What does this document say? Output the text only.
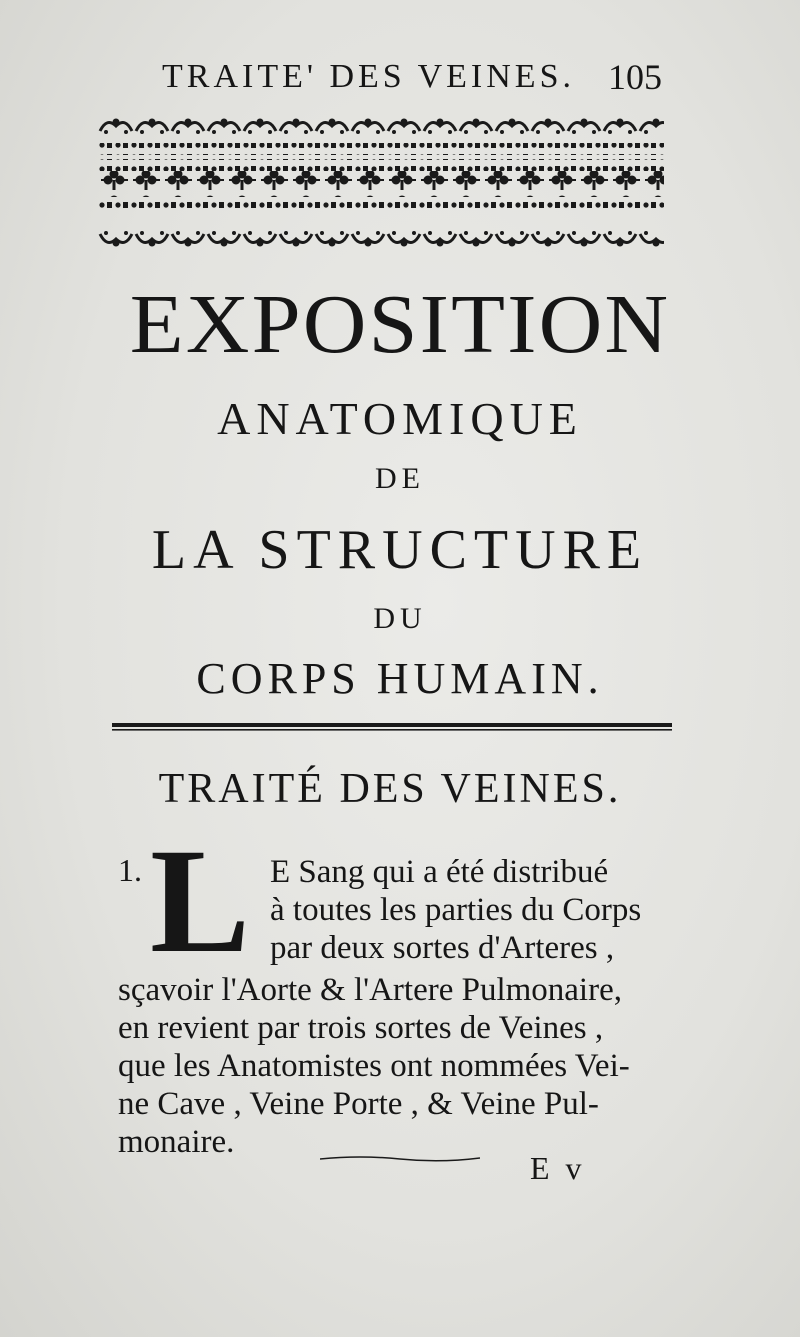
TRAITE' DES VEINES. 105
EXPOSITION
ANATOMIQUE
DE
LA STRUCTURE
DU
CORPS HUMAIN.
TRAITÉ DES VEINES.
1. L E Sang qui a été distribué
à toutes les parties du Corps
par deux sortes d'Arteres ,
sçavoir l'Aorte & l'Artere Pulmonaire,
en revient par trois sortes de Veines ,
que les Anatomistes ont nommées Vei-
ne Cave , Veine Porte , & Veine Pul-
monaire.
E v
